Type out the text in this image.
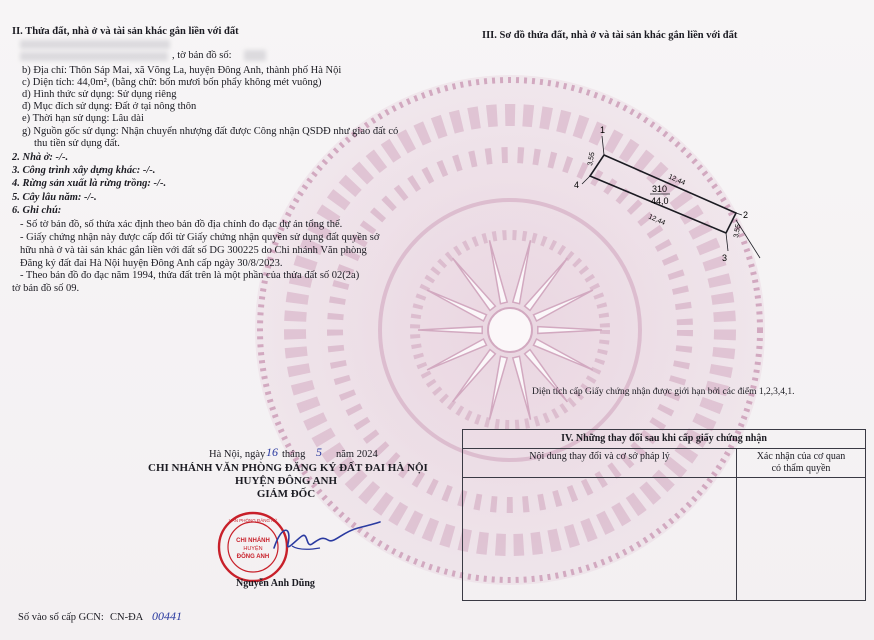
II. Thửa đất, nhà ở và tài sản khác gắn liền với đất
, tờ bản đồ số:
b) Địa chỉ: Thôn Sáp Mai, xã Võng La, huyện Đông Anh, thành phố Hà Nội
c) Diện tích: 44,0m², (bằng chữ: bốn mươi bốn phẩy không mét vuông)
d) Hình thức sử dụng: Sử dụng riêng
đ) Mục đích sử dụng: Đất ở tại nông thôn
e) Thời hạn sử dụng: Lâu dài
g) Nguồn gốc sử dụng: Nhận chuyển nhượng đất được Công nhận QSDĐ như giao đất có
thu tiền sử dụng đất.
2. Nhà ở: -/-.
3. Công trình xây dựng khác: -/-.
4. Rừng sản xuất là rừng trồng: -/-.
5. Cây lâu năm: -/-.
6. Ghi chú:
- Số tờ bản đồ, số thửa xác định theo bản đồ địa chính đo đạc dự án tổng thể.
- Giấy chứng nhận này được cấp đổi từ Giấy chứng nhận quyền sử dụng đất quyền sở
hữu nhà ở và tài sản khác gắn liền với đất số DG 300225 do Chi nhánh Văn phòng
Đăng ký đất đai Hà Nội huyện Đông Anh cấp ngày 30/8/2023.
- Theo bản đồ đo đạc năm 1994, thửa đất trên là một phần của thửa đất số 02(2a)
tờ bản đồ số 09.
III. Sơ đồ thửa đất, nhà ở và tài sản khác gắn liền với đất
1
2
3
4	12,44
12,44
3,55
3,55
310
44,0
Diện tích cấp Giấy chứng nhận được giới hạn bởi các điểm 1,2,3,4,1.
Hà Nội, ngày 16 tháng 5 năm 2024
CHI NHÁNH VĂN PHÒNG ĐĂNG KÝ ĐẤT ĐAI HÀ NỘI
HUYỆN ĐÔNG ANH
GIÁM ĐỐC
CHI NHÁNH
HUYỆN
ĐÔNG ANH
VĂN PHÒNG ĐĂNG KÝ
Nguyễn Anh Dũng
IV. Những thay đổi sau khi cấp giấy chứng nhận	
Nội dung thay đổi và cơ sở pháp lý	Xác nhận của cơ quan
có thẩm quyền

Số vào sổ cấp GCN: CN-ĐA 00441
